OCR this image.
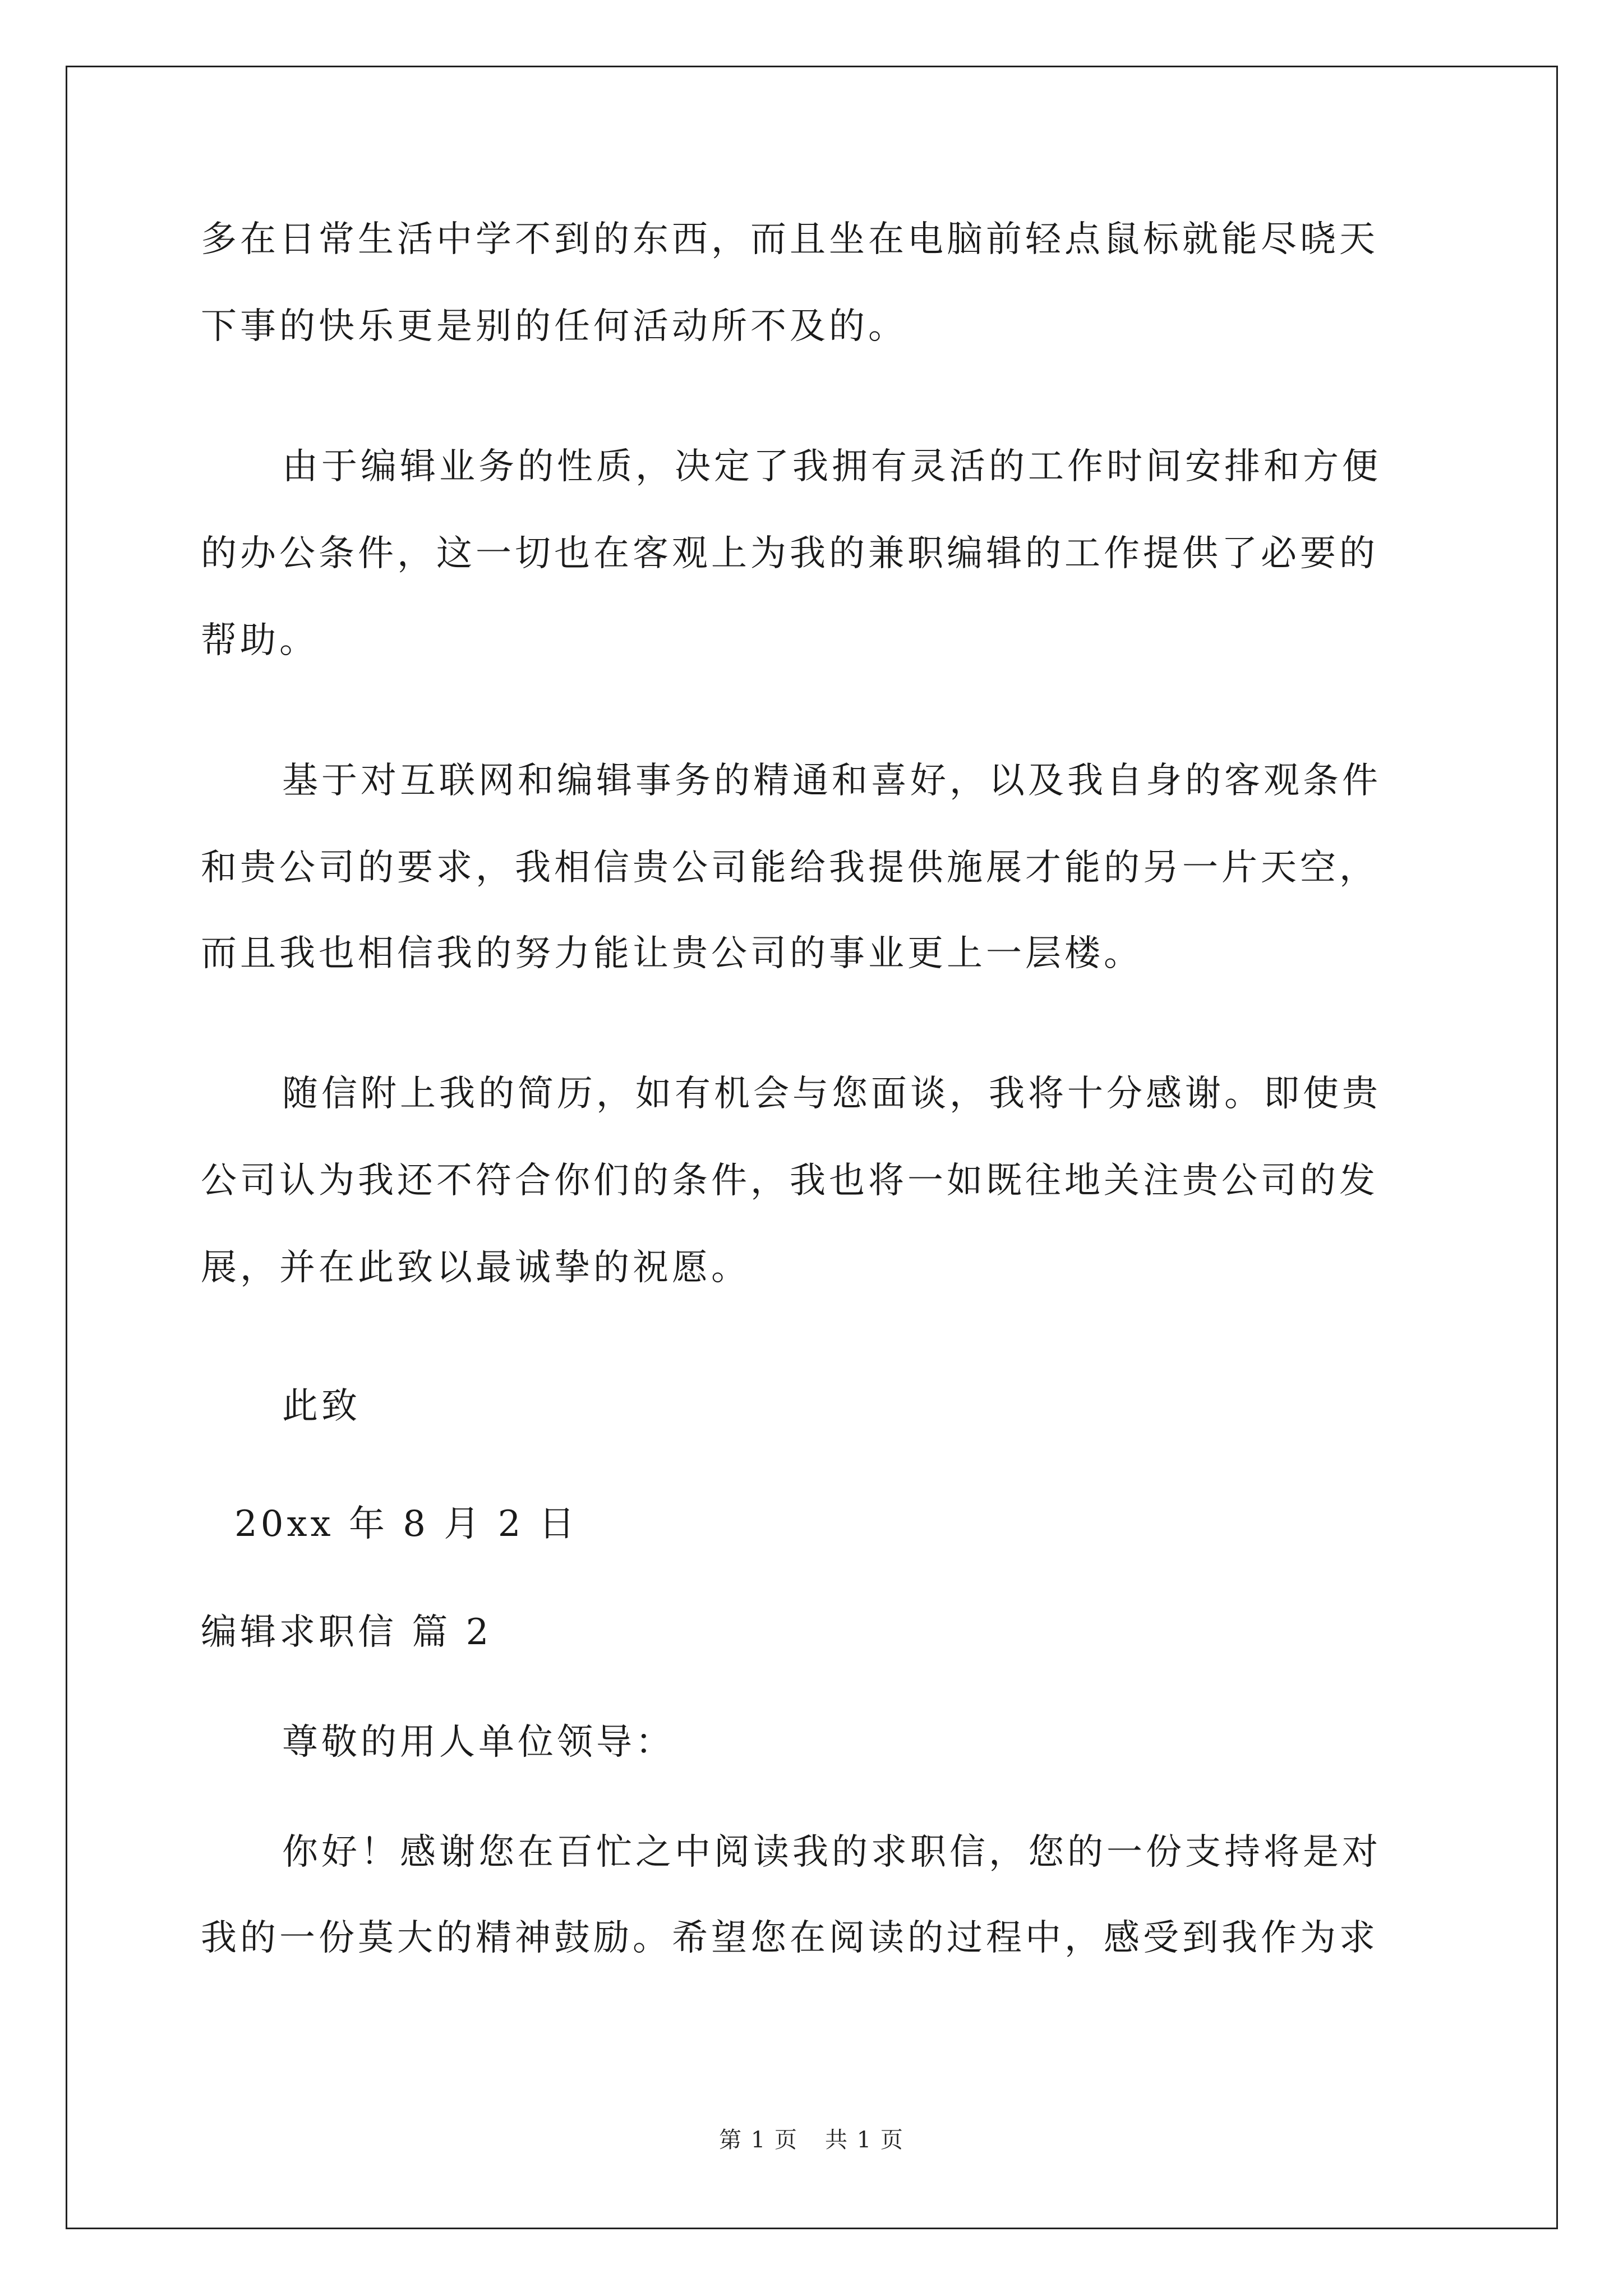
多在日常生活中学不到的东西，而且坐在电脑前轻点鼠标就能尽晓天
下事的快乐更是别的任何活动所不及的。
由于编辑业务的性质，决定了我拥有灵活的工作时间安排和方便
的办公条件，这一切也在客观上为我的兼职编辑的工作提供了必要的
帮助。
基于对互联网和编辑事务的精通和喜好，以及我自身的客观条件
和贵公司的要求，我相信贵公司能给我提供施展才能的另一片天空，
而且我也相信我的努力能让贵公司的事业更上一层楼。
随信附上我的简历，如有机会与您面谈，我将十分感谢。即使贵
公司认为我还不符合你们的条件，我也将一如既往地关注贵公司的发
展，并在此致以最诚挚的祝愿。
此致
20xx 年 8 月 2 日
编辑求职信 篇 2
尊敬的用人单位领导：
你好！感谢您在百忙之中阅读我的求职信，您的一份支持将是对
我的一份莫大的精神鼓励。希望您在阅读的过程中，感受到我作为求
第 1 页 共 1 页
